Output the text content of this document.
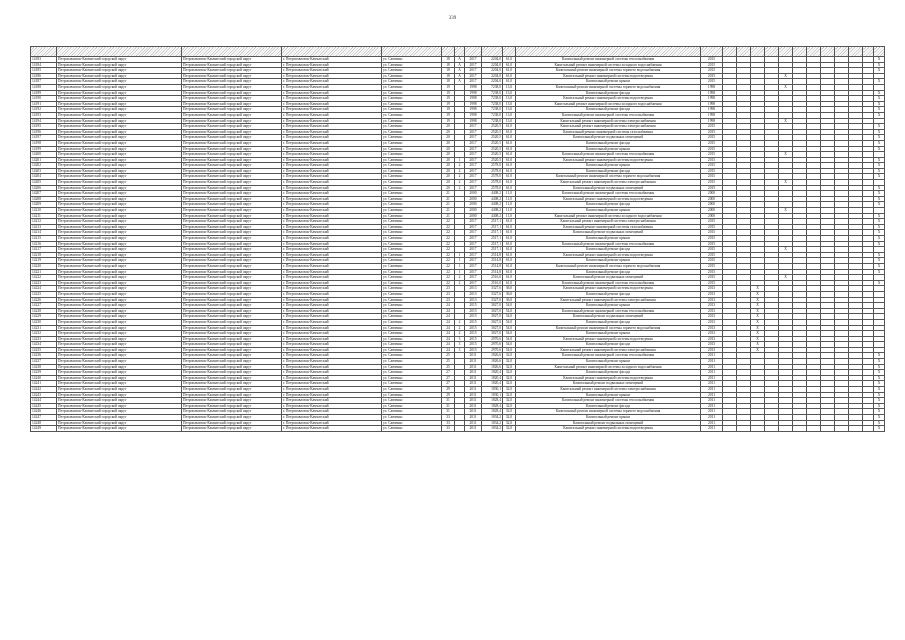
339

14183	Петропавловск-Камчатский городской округ	Петропавловск-Камчатский городской округ	г. Петропавловск-Камчатский	ул. Савченко	18	А	2017	2204,0	61,0	Капитальный ремонт инженерной системы теплоснабжения	2015												X
14184	Петропавловск-Камчатский городской округ	Петропавловск-Камчатский городской округ	г. Петропавловск-Камчатский	ул. Савченко	18	А	2017	2204,0	61,0	Капитальный ремонт инженерной системы холодного водоснабжения	2015												X
14185	Петропавловск-Камчатский городской округ	Петропавловск-Камчатский городской округ	г. Петропавловск-Камчатский	ул. Савченко	18	А	2017	2204,0	61,0	Капитальный ремонт инженерной системы горячего водоснабжения	2015												X
14186	Петропавловск-Камчатский городской округ	Петропавловск-Камчатский городской округ	г. Петропавловск-Камчатский	ул. Савченко	18	А	2017	2204,0	61,0	Капитальный ремонт инженерной системы водоотведения	2015					X							
14187	Петропавловск-Камчатский городской округ	Петропавловск-Камчатский городской округ	г. Петропавловск-Камчатский	ул. Савченко	18	А	2017	2204,0	61,0	Капитальный ремонт крыши	2015												X
14188	Петропавловск-Камчатский городской округ	Петропавловск-Камчатский городской округ	г. Петропавловск-Камчатский	ул. Савченко	19		1998	7238,0	13,0	Капитальный ремонт инженерной системы горячего водоснабжения	1998					X							
14189	Петропавловск-Камчатский городской округ	Петропавловск-Камчатский городской округ	г. Петропавловск-Камчатский	ул. Савченко	19		1998	7238,0	13,0	Капитальный ремонт фасада	1998												X
14190	Петропавловск-Камчатский городской округ	Петропавловск-Камчатский городской округ	г. Петропавловск-Камчатский	ул. Савченко	19		1998	7238,0	13,0	Капитальный ремонт инженерной системы водоотведения	1998												X
14191	Петропавловск-Камчатский городской округ	Петропавловск-Камчатский городской округ	г. Петропавловск-Камчатский	ул. Савченко	19		1998	7238,0	13,0	Капитальный ремонт инженерной системы холодного водоснабжения	1998												X
14192	Петропавловск-Камчатский городской округ	Петропавловск-Камчатский городской округ	г. Петропавловск-Камчатский	ул. Савченко	19		1998	7238,0	13,0	Капитальный ремонт фасада	1998												X
14193	Петропавловск-Камчатский городской округ	Петропавловск-Камчатский городской округ	г. Петропавловск-Камчатский	ул. Савченко	19		1998	7238,0	13,0	Капитальный ремонт инженерной системы теплоснабжения	1998												X
14194	Петропавловск-Камчатский городской округ	Петропавловск-Камчатский городской округ	г. Петропавловск-Камчатский	ул. Савченко	19		1998	7238,0	13,0	Капитальный ремонт инженерной системы электроснабжения	1998					X							
14195	Петропавловск-Камчатский городской округ	Петропавловск-Камчатский городской округ	г. Петропавловск-Камчатский	ул. Савченко	20		2017	2520,5	61,0	Капитальный ремонт инженерной системы электроснабжения	2015												X
14196	Петропавловск-Камчатский городской округ	Петропавловск-Камчатский городской округ	г. Петропавловск-Камчатский	ул. Савченко	20		2017	2520,5	61,0	Капитальный ремонт инженерной системы газоснабжения	2015												X
14197	Петропавловск-Камчатский городской округ	Петропавловск-Камчатский городской округ	г. Петропавловск-Камчатский	ул. Савченко	20		2017	2520,5	61,0	Капитальный ремонт подвальных помещений	2015												X
14198	Петропавловск-Камчатский городской округ	Петропавловск-Камчатский городской округ	г. Петропавловск-Камчатский	ул. Савченко	20		2017	2520,5	61,0	Капитальный ремонт фасада	2015												X
14199	Петропавловск-Камчатский городской округ	Петропавловск-Камчатский городской округ	г. Петропавловск-Камчатский	ул. Савченко	20		2017	2520,5	61,0	Капитальный ремонт крыши	2015												X
14200	Петропавловск-Камчатский городской округ	Петропавловск-Камчатский городской округ	г. Петропавловск-Камчатский	ул. Савченко	20		2017	2520,5	61,0	Капитальный ремонт инженерной системы теплоснабжения	2015					X							
14201	Петропавловск-Камчатский городской округ	Петропавловск-Камчатский городской округ	г. Петропавловск-Камчатский	ул. Савченко	20	1	2017	2520,5	61,0	Капитальный ремонт инженерной системы водоотведения	2015												X
14202	Петропавловск-Камчатский городской округ	Петропавловск-Камчатский городской округ	г. Петропавловск-Камчатский	ул. Савченко	20	2	2017	2578,0	61,0	Капитальный ремонт крыши	2015												X
14203	Петропавловск-Камчатский городской округ	Петропавловск-Камчатский городской округ	г. Петропавловск-Камчатский	ул. Савченко	20	2	2017	2578,0	61,0	Капитальный ремонт фасада	2015												X
14204	Петропавловск-Камчатский городской округ	Петропавловск-Камчатский городской округ	г. Петропавловск-Камчатский	ул. Савченко	20	2	2017	2578,0	61,0	Капитальный ремонт инженерной системы горячего водоснабжения	2015												X
14205	Петропавловск-Камчатский городской округ	Петропавловск-Камчатский городской округ	г. Петропавловск-Камчатский	ул. Савченко	20	2	2017	2578,0	61,0	Капитальный ремонт инженерной системы электроснабжения	2015					X							
14206	Петропавловск-Камчатский городской округ	Петропавловск-Камчатский городской округ	г. Петропавловск-Камчатский	ул. Савченко	20	2	2017	2578,0	61,0	Капитальный ремонт подвальных помещений	2015												X
14207	Петропавловск-Камчатский городской округ	Петропавловск-Камчатский городской округ	г. Петропавловск-Камчатский	ул. Савченко	21		2000	4408,2	11,0	Капитальный ремонт инженерной системы теплоснабжения	2000												X
14208	Петропавловск-Камчатский городской округ	Петропавловск-Камчатский городской округ	г. Петропавловск-Камчатский	ул. Савченко	21		2000	4408,2	11,0	Капитальный ремонт инженерной системы водоотведения	2000												X
14209	Петропавловск-Камчатский городской округ	Петропавловск-Камчатский городской округ	г. Петропавловск-Камчатский	ул. Савченко	21		2000	4408,2	11,0	Капитальный ремонт фасада	2000												X
14210	Петропавловск-Камчатский городской округ	Петропавловск-Камчатский городской округ	г. Петропавловск-Камчатский	ул. Савченко	21		2000	4408,2	11,0	Капитальный ремонт крыши	2000					X							
14211	Петропавловск-Камчатский городской округ	Петропавловск-Камчатский городской округ	г. Петропавловск-Камчатский	ул. Савченко	21		2000	4408,2	11,0	Капитальный ремонт инженерной системы холодного водоснабжения	2000												X
14212	Петропавловск-Камчатский городской округ	Петропавловск-Камчатский городской округ	г. Петропавловск-Камчатский	ул. Савченко	22		2017	2517,1	61,0	Капитальный ремонт инженерной системы электроснабжения	2015												X
14213	Петропавловск-Камчатский городской округ	Петропавловск-Камчатский городской округ	г. Петропавловск-Камчатский	ул. Савченко	22		2017	2517,1	61,0	Капитальный ремонт инженерной системы газоснабжения	2015												X
14214	Петропавловск-Камчатский городской округ	Петропавловск-Камчатский городской округ	г. Петропавловск-Камчатский	ул. Савченко	22		2017	2517,1	61,0	Капитальный ремонт подвальных помещений	2015												X
14215	Петропавловск-Камчатский городской округ	Петропавловск-Камчатский городской округ	г. Петропавловск-Камчатский	ул. Савченко	22		2017	2517,1	61,0	Капитальный ремонт крыши	2015												X
14216	Петропавловск-Камчатский городской округ	Петропавловск-Камчатский городской округ	г. Петропавловск-Камчатский	ул. Савченко	22		2017	2517,1	61,0	Капитальный ремонт инженерной системы теплоснабжения	2015												X
14217	Петропавловск-Камчатский городской округ	Петропавловск-Камчатский городской округ	г. Петропавловск-Камчатский	ул. Савченко	22		2017	2517,1	61,0	Капитальный ремонт фасада	2015					X							
14218	Петропавловск-Камчатский городской округ	Петропавловск-Камчатский городской округ	г. Петропавловск-Камчатский	ул. Савченко	22	1	2017	2514,8	61,0	Капитальный ремонт инженерной системы водоотведения	2015												X
14219	Петропавловск-Камчатский городской округ	Петропавловск-Камчатский городской округ	г. Петропавловск-Камчатский	ул. Савченко	22	1	2017	2514,8	61,0	Капитальный ремонт крыши	2015												X
14220	Петропавловск-Камчатский городской округ	Петропавловск-Камчатский городской округ	г. Петропавловск-Камчатский	ул. Савченко	22	1	2017	2514,8	61,0	Капитальный ремонт инженерной системы горячего водоснабжения	2015												X
14221	Петропавловск-Камчатский городской округ	Петропавловск-Камчатский городской округ	г. Петропавловск-Камчатский	ул. Савченко	22	1	2017	2514,8	61,0	Капитальный ремонт фасада	2015												X
14222	Петропавловск-Камчатский городской округ	Петропавловск-Камчатский городской округ	г. Петропавловск-Камчатский	ул. Савченко	22	2	2017	2516,0	61,0	Капитальный ремонт подвальных помещений	2015					X							
14223	Петропавловск-Камчатский городской округ	Петропавловск-Камчатский городской округ	г. Петропавловск-Камчатский	ул. Савченко	22	2	2017	2516,0	61,0	Капитальный ремонт инженерной системы теплоснабжения	2015												X
14224	Петропавловск-Камчатский городской округ	Петропавловск-Камчатский городской округ	г. Петропавловск-Камчатский	ул. Савченко	23		2013	3327,6	36,0	Капитальный ремонт инженерной системы водоотведения	2013			X									
14225	Петропавловск-Камчатский городской округ	Петропавловск-Камчатский городской округ	г. Петропавловск-Камчатский	ул. Савченко	23		2013	3327,6	36,0	Капитальный ремонт фасада	2013			X									
14226	Петропавловск-Камчатский городской округ	Петропавловск-Камчатский городской округ	г. Петропавловск-Камчатский	ул. Савченко	23		2013	3327,6	36,0	Капитальный ремонт инженерной системы электроснабжения	2013			X									
14227	Петропавловск-Камчатский городской округ	Петропавловск-Камчатский городской округ	г. Петропавловск-Камчатский	ул. Савченко	24		2015	3027,0	54,0	Капитальный ремонт крыши	2013			X									
14228	Петропавловск-Камчатский городской округ	Петропавловск-Камчатский городской округ	г. Петропавловск-Камчатский	ул. Савченко	24		2015	3027,0	54,0	Капитальный ремонт инженерной системы теплоснабжения	2013			X									
14229	Петропавловск-Камчатский городской округ	Петропавловск-Камчатский городской округ	г. Петропавловск-Камчатский	ул. Савченко	24		2015	3027,0	54,0	Капитальный ремонт подвальных помещений	2013			X									
14230	Петропавловск-Камчатский городской округ	Петропавловск-Камчатский городской округ	г. Петропавловск-Камчатский	ул. Савченко	24	2	2015	3027,0	54,0	Капитальный ремонт фасада	2013			X									
14231	Петропавловск-Камчатский городской округ	Петропавловск-Камчатский городской округ	г. Петропавловск-Камчатский	ул. Савченко	24	2	2015	3027,0	54,0	Капитальный ремонт инженерной системы горячего водоснабжения	2013			X									
14232	Петропавловск-Камчатский городской округ	Петропавловск-Камчатский городской округ	г. Петропавловск-Камчатский	ул. Савченко	24	2	2015	3027,0	54,0	Капитальный ремонт крыши	2013			X									
14233	Петропавловск-Камчатский городской округ	Петропавловск-Камчатский городской округ	г. Петропавловск-Камчатский	ул. Савченко	24	3	2015	2970,6	54,0	Капитальный ремонт инженерной системы водоотведения	2013			X									
14234	Петропавловск-Камчатский городской округ	Петропавловск-Камчатский городской округ	г. Петропавловск-Камчатский	ул. Савченко	24	3	2015	2970,6	54,0	Капитальный ремонт фасада	2013			X									
14235	Петропавловск-Камчатский городской округ	Петропавловск-Камчатский городской округ	г. Петропавловск-Камчатский	ул. Савченко	24	3	2015	2970,6	54,0	Капитальный ремонт инженерной системы электроснабжения	2013			X									
14236	Петропавловск-Камчатский городской округ	Петропавловск-Камчатский городской округ	г. Петропавловск-Камчатский	ул. Савченко	25		2011	1826,6	32,0	Капитальный ремонт инженерной системы теплоснабжения	2011												X
14237	Петропавловск-Камчатский городской округ	Петропавловск-Камчатский городской округ	г. Петропавловск-Камчатский	ул. Савченко	25		2011	1826,6	32,0	Капитальный ремонт крыши	2011												X
14238	Петропавловск-Камчатский городской округ	Петропавловск-Камчатский городской округ	г. Петропавловск-Камчатский	ул. Савченко	25		2011	1826,6	32,0	Капитальный ремонт инженерной системы холодного водоснабжения	2011												X
14239	Петропавловск-Камчатский городской округ	Петропавловск-Камчатский городской округ	г. Петропавловск-Камчатский	ул. Савченко	27		2011	1820,4	32,0	Капитальный ремонт фасада	2011												X
14240	Петропавловск-Камчатский городской округ	Петропавловск-Камчатский городской округ	г. Петропавловск-Камчатский	ул. Савченко	27		2011	1820,4	32,0	Капитальный ремонт инженерной системы водоотведения	2011												X
14241	Петропавловск-Камчатский городской округ	Петропавловск-Камчатский городской округ	г. Петропавловск-Камчатский	ул. Савченко	27		2011	1820,4	32,0	Капитальный ремонт подвальных помещений	2011												X
14242	Петропавловск-Камчатский городской округ	Петропавловск-Камчатский городской округ	г. Петропавловск-Камчатский	ул. Савченко	29		2011	1830,1	32,0	Капитальный ремонт инженерной системы электроснабжения	2011												X
14243	Петропавловск-Камчатский городской округ	Петропавловск-Камчатский городской округ	г. Петропавловск-Камчатский	ул. Савченко	29		2011	1830,1	32,0	Капитальный ремонт крыши	2011												X
14244	Петропавловск-Камчатский городской округ	Петропавловск-Камчатский городской округ	г. Петропавловск-Камчатский	ул. Савченко	31		2011	1828,4	32,0	Капитальный ремонт инженерной системы теплоснабжения	2011												X
14245	Петропавловск-Камчатский городской округ	Петропавловск-Камчатский городской округ	г. Петропавловск-Камчатский	ул. Савченко	31		2011	1828,4	32,0	Капитальный ремонт фасада	2011												X
14246	Петропавловск-Камчатский городской округ	Петропавловск-Камчатский городской округ	г. Петропавловск-Камчатский	ул. Савченко	31		2011	1828,4	32,0	Капитальный ремонт инженерной системы горячего водоснабжения	2011												X
14247	Петропавловск-Камчатский городской округ	Петропавловск-Камчатский городской округ	г. Петропавловск-Камчатский	ул. Савченко	33		2011	1834,2	32,0	Капитальный ремонт крыши	2011												X
14248	Петропавловск-Камчатский городской округ	Петропавловск-Камчатский городской округ	г. Петропавловск-Камчатский	ул. Савченко	33		2011	1834,2	32,0	Капитальный ремонт подвальных помещений	2011												X
14249	Петропавловск-Камчатский городской округ	Петропавловск-Камчатский городской округ	г. Петропавловск-Камчатский	ул. Савченко	33		2011	1834,2	32,0	Капитальный ремонт инженерной системы водоотведения	2011												X
